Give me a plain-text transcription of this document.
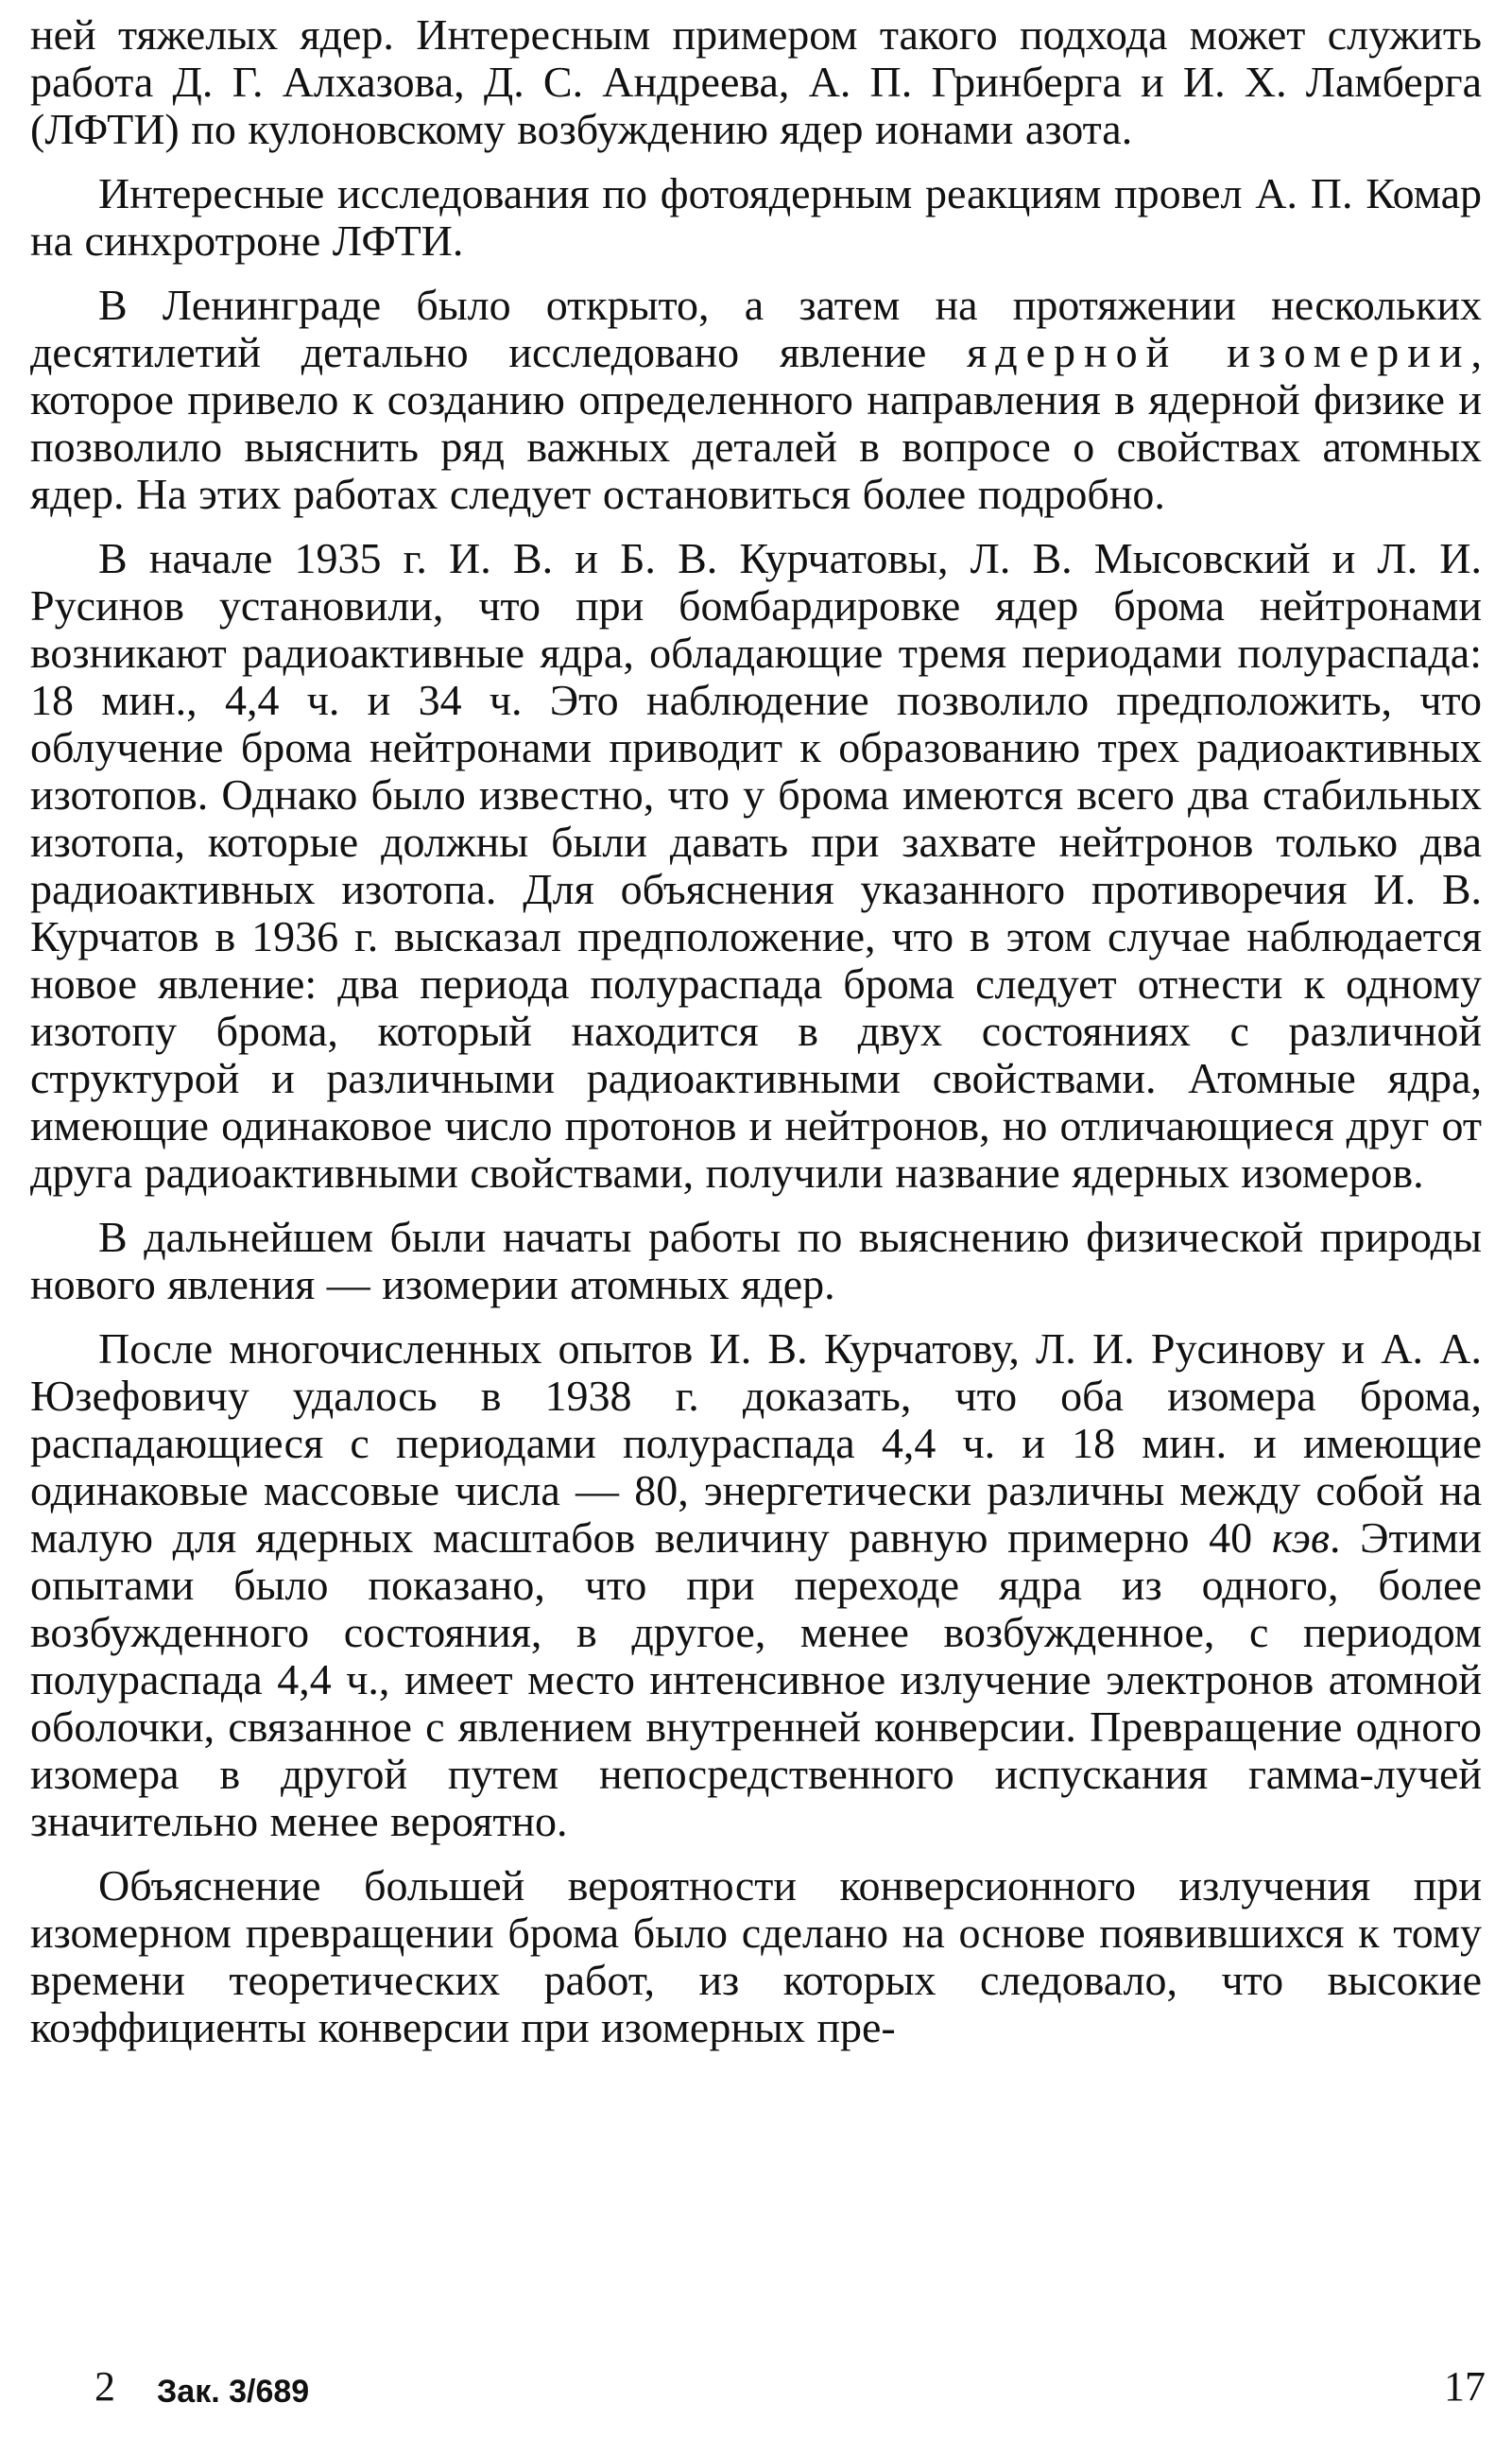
ней тяжелых ядер. Интересным примером такого подхода может служить работа Д. Г. Алхазова, Д. С. Андреева, А. П. Гринберга и И. Х. Ламберга (ЛФТИ) по кулоновскому возбуждению ядер ионами азота.

Интересные исследования по фотоядерным реакциям провел А. П. Комар на синхротроне ЛФТИ.

В Ленинграде было открыто, а затем на протяжении нескольких десятилетий детально исследовано явление ядерной изомерии, которое привело к созданию определенного направления в ядерной физике и позволило выяснить ряд важных деталей в вопросе о свойствах атомных ядер. На этих работах следует остановиться более подробно.

В начале 1935 г. И. В. и Б. В. Курчатовы, Л. В. Мысовский и Л. И. Русинов установили, что при бомбардировке ядер брома нейтронами возникают радиоактивные ядра, обладающие тремя периодами полураспада: 18 мин., 4,4 ч. и 34 ч. Это наблюдение позволило предположить, что облучение брома нейтронами приводит к образованию трех радиоактивных изотопов. Однако было известно, что у брома имеются всего два стабильных изотопа, которые должны были давать при захвате нейтронов только два радиоактивных изотопа. Для объяснения указанного противоречия И. В. Курчатов в 1936 г. высказал предположение, что в этом случае наблюдается новое явление: два периода полураспада брома следует отнести к одному изотопу брома, который находится в двух состояниях с различной структурой и различными радиоактивными свойствами. Атомные ядра, имеющие одинаковое число протонов и нейтронов, но отличающиеся друг от друга радиоактивными свойствами, получили название ядерных изомеров.

В дальнейшем были начаты работы по выяснению физической природы нового явления — изомерии атомных ядер.

После многочисленных опытов И. В. Курчатову, Л. И. Русинову и А. А. Юзефовичу удалось в 1938 г. доказать, что оба изомера брома, распадающиеся с периодами полураспада 4,4 ч. и 18 мин. и имеющие одинаковые массовые числа — 80, энергетически различны между собой на малую для ядерных масштабов величину равную примерно 40 кэв. Этими опытами было показано, что при переходе ядра из одного, более возбужденного состояния, в другое, менее возбужденное, с периодом полураспада 4,4 ч., имеет место интенсивное излучение электронов атомной оболочки, связанное с явлением внутренней конверсии. Превращение одного изомера в другой путем непосредственного испускания гамма-лучей значительно менее вероятно.

Объяснение большей вероятности конверсионного излучения при изомерном превращении брома было сделано на основе появившихся к тому времени теоретических работ, из которых следовало, что высокие коэффициенты конверсии при изомерных пре-

2 Зак. 3/689	17
